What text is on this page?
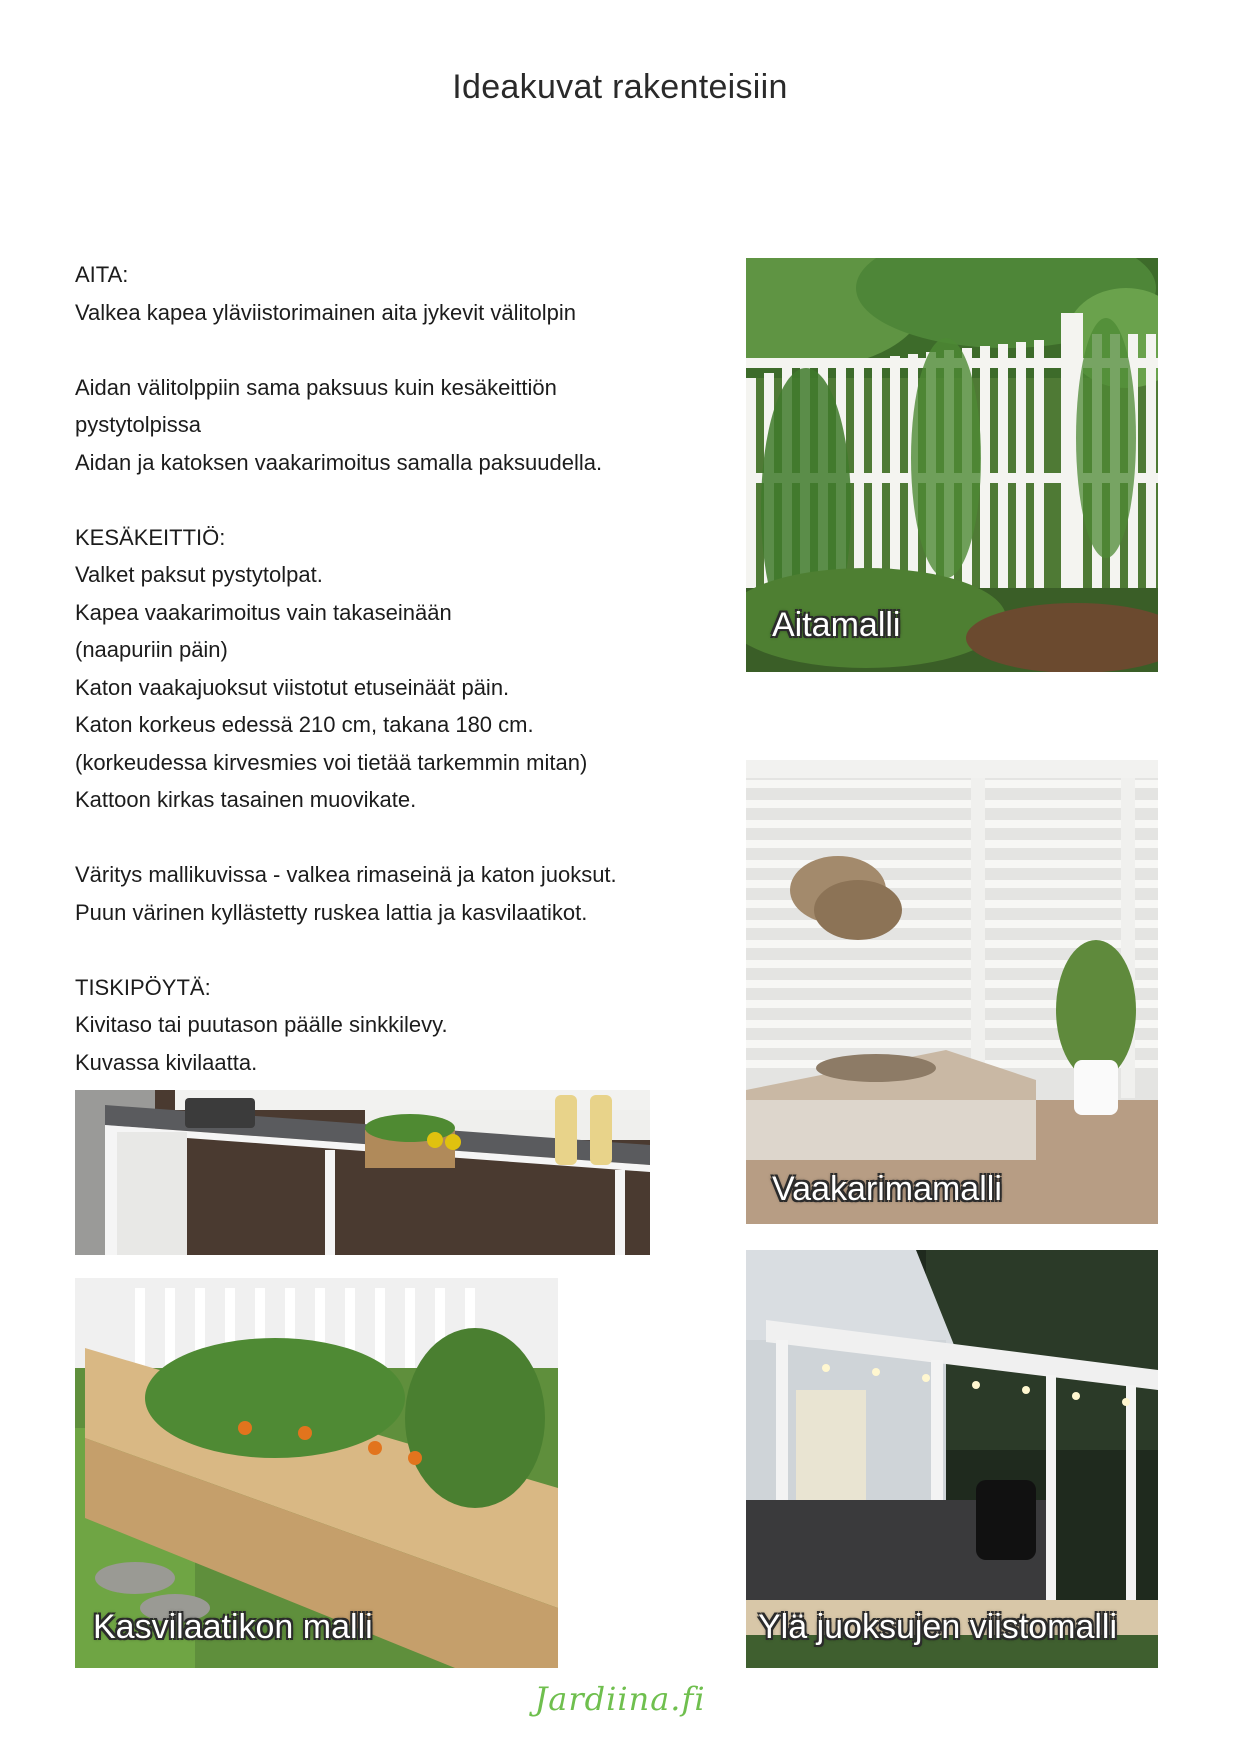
Ideakuvat rakenteisiin

AITA:

Valkea kapea yläviistorimainen aita jykevit välitolpin

Aidan välitolppiin sama paksuus kuin kesäkeittiön

pystytolpissa

Aidan ja katoksen vaakarimoitus samalla paksuudella.

KESÄKEITTIÖ:

Valket paksut pystytolpat.

Kapea vaakarimoitus vain takaseinään

(naapuriin päin)

Katon vaakajuoksut viistotut etuseinäät päin.

Katon korkeus edessä 210 cm, takana 180 cm.

(korkeudessa kirvesmies voi tietää tarkemmin mitan)

Kattoon kirkas tasainen muovikate.

Väritys mallikuvissa - valkea rimaseinä ja katon juoksut.

Puun värinen kyllästetty ruskea lattia ja kasvilaatikot.

TISKIPÖYTÄ:

Kivitaso tai puutason päälle sinkkilevy.

Kuvassa kivilaatta.

Aitamalli
Vaakarimamalli
Kasvilaatikon malli	Ylä juoksujen viistomalli
Jardiina.fi
